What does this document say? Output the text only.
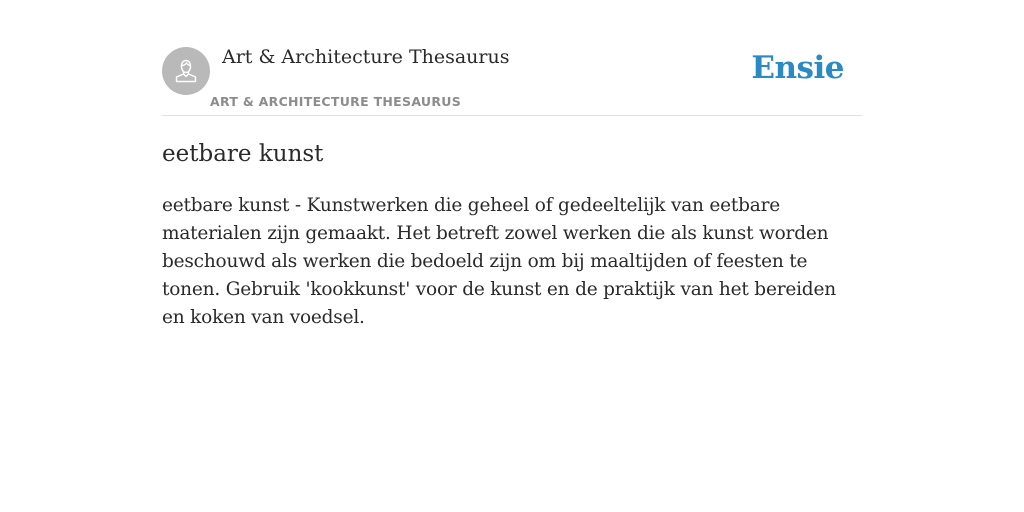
Art & Architecture Thesaurus
ART & ARCHITECTURE THESAURUS
Ensie
eetbare kunst

eetbare kunst - Kunstwerken die geheel of gedeeltelijk van eetbare materialen zijn gemaakt. Het betreft zowel werken die als kunst worden beschouwd als werken die bedoeld zijn om bij maaltijden of feesten te tonen. Gebruik 'kookkunst' voor de kunst en de praktijk van het bereiden en koken van voedsel.
